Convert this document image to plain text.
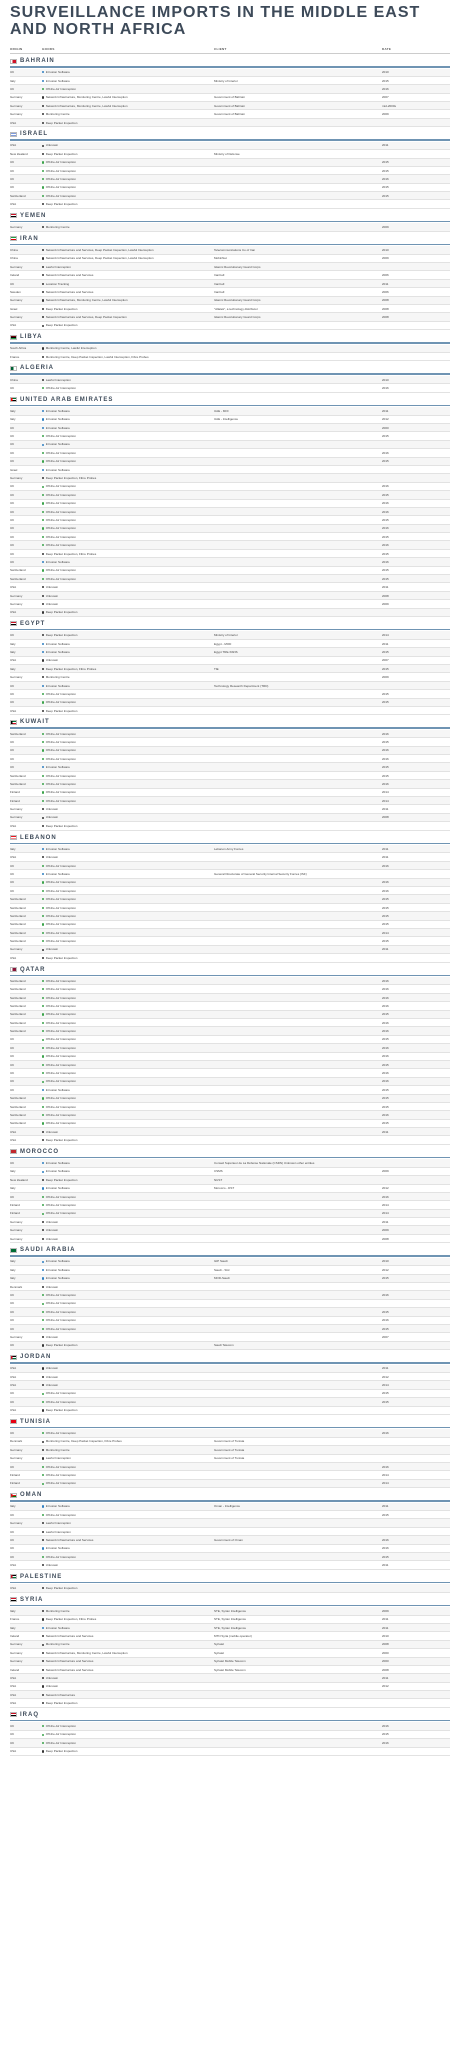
SURVEILLANCE IMPORTS IN THE MIDDLE EAST AND NORTH AFRICA
ORIGIN	GOODS	CLIENT	DATE
BAHRAIN
UK	Intrusion Software	2010
Italy	Intrusion Software	Ministry of Interior	2015
UK	Off-the-Air Interception	2016
Germany	Network Infrastructure, Monitoring Centre, Lawful Interception	Government of Bahrain	2007
Germany	Network Infrastructure, Monitoring Centre, Lawful Interception	Government of Bahrain	mid-2000s
Germany	Monitoring Centre	Government of Bahrain	2009
USA	Deep Packet Inspection
ISRAEL
USA	Unknown	2011
New Zealand	Deep Packet Inspection	Ministry of Defense
UK	Off-the-Air Interception	2015
UK	Off-the-Air Interception	2015
UK	Off-the-Air Interception	2016
UK	Off-the-Air Interception	2015
Switzerland	Off-the-Air Interception	2015
USA	Deep Packet Inspection
YEMEN
Germany	Monitoring Centre	2009
IRAN
China	Network Infrastructure and Services, Deep Packet Inspection, Lawful Interception	Telecommunications Co of Iran	2010
China	Network Infrastructure and Services, Deep Packet Inspection, Lawful Interception	MobinNet	2009
Germany	Lawful Interception	Islamic Revolutionary Guard Corps
Ireland	Network Infrastructure and Services	IranCell	2006
UK	Location Tracking	IranCell	2011
Sweden	Network Infrastructure and Services	IranCell	2006
Germany	Network Infrastructure, Monitoring Centre, Lawful Interception	Islamic Revolutionary Guard Corps	2008
Israel	Deep Packet Inspection	"Allatek", a technology distributor	2008
Germany	Network Infrastructure and Services, Deep Packet Inspection	Islamic Revolutionary Guard Corps	2008
USA	Deep Packet Inspection
LIBYA
South Africa	Monitoring Centre, Lawful Interception
France	Monitoring Centre, Deep Packet Inspection, Lawful Interception, Fibre Probes
ALGERIA
China	Lawful Interception	2010
UK	Off-the-Air Interception	2016
UNITED ARAB EMIRATES
Italy	Intrusion Software	UAE - MOI	2011
Italy	Intrusion Software	UAE - Intelligence	2012
UK	Intrusion Software	2000
UK	Off-the-Air Interception	2015
UK	Intrusion Software
UK	Off-the-Air Interception	2016
UK	Off-the-Air Interception	2015
Israel	Intrusion Software
Germany	Deep Packet Inspection, Fibre Probes
UK	Off-the-Air Interception	2016
UK	Off-the-Air Interception	2015
UK	Off-the-Air Interception	2016
UK	Off-the-Air Interception	2016
UK	Off-the-Air Interception	2015
UK	Off-the-Air Interception	2016
UK	Off-the-Air Interception	2015
UK	Off-the-Air Interception	2016
UK	Deep Packet Inspection, Fibre Probes	2015
UK	Intrusion Software	2016
Switzerland	Off-the-Air Interception	2015
Switzerland	Off-the-Air Interception	2015
USA	Unknown	2011
Germany	Unknown	2008
Germany	Unknown	2009
USA	Deep Packet Inspection
EGYPT
UK	Deep Packet Inspection	Ministry of Interior	2014
Italy	Intrusion Software	Egypt - MOD	2011
Italy	Intrusion Software	Egypt TRE-SSNS	2015
USA	Unknown	2007
Italy	Deep Packet Inspection, Fibre Probes	TIE	2015
Germany	Monitoring Centre	2009
UK	Intrusion Software	Technology Research Department (TRD)
UK	Off-the-Air Interception	2015
UK	Off-the-Air Interception	2015
USA	Deep Packet Inspection
KUWAIT
Switzerland	Off-the-Air Interception	2016
UK	Off-the-Air Interception	2015
UK	Off-the-Air Interception	2016
UK	Off-the-Air Interception	2016
UK	Intrusion Software	2015
Switzerland	Off-the-Air Interception	2015
Switzerland	Off-the-Air Interception	2016
Finland	Off-the-Air Interception	2014
Finland	Off-the-Air Interception	2014
Germany	Unknown	2011
Germany	Unknown	2008
USA	Deep Packet Inspection
LEBANON
Italy	Intrusion Software	Lebanon Army Forces	2011
USA	Unknown	2011
UK	Off-the-Air Interception	2016
UK	Intrusion Software	General Directorate of General Security Internal Security Forces (ISF)
UK	Off-the-Air Interception	2016
UK	Off-the-Air Interception	2016
Switzerland	Off-the-Air Interception	2015
Switzerland	Off-the-Air Interception	2015
Switzerland	Off-the-Air Interception	2015
Switzerland	Off-the-Air Interception	2015
Switzerland	Off-the-Air Interception	2014
Switzerland	Off-the-Air Interception	2015
Germany	Unknown	2011
USA	Deep Packet Inspection
QATAR
Switzerland	Off-the-Air Interception	2016
Switzerland	Off-the-Air Interception	2016
Switzerland	Off-the-Air Interception	2016
Switzerland	Off-the-Air Interception	2016
Switzerland	Off-the-Air Interception	2015
Switzerland	Off-the-Air Interception	2016
Switzerland	Off-the-Air Interception	2016
UK	Off-the-Air Interception	2015
UK	Off-the-Air Interception	2016
UK	Off-the-Air Interception	2016
UK	Off-the-Air Interception	2015
UK	Off-the-Air Interception	2016
UK	Off-the-Air Interception	2016
UK	Intrusion Software	2015
Switzerland	Off-the-Air Interception	2015
Switzerland	Off-the-Air Interception	2015
Switzerland	Off-the-Air Interception	2016
Switzerland	Off-the-Air Interception	2015
USA	Unknown	2011
USA	Deep Packet Inspection
MOROCCO
UK	Intrusion Software	Conseil Supérieur de La Défense Nationale (CSDN) Unknown other entities
Italy	Intrusion Software	CSMS	2009
New Zealand	Deep Packet Inspection	NUST
Italy	Intrusion Software	Morocco - DST	2012
UK	Off-the-Air Interception	2016
Finland	Off-the-Air Interception	2014
Finland	Off-the-Air Interception	2014
Germany	Unknown	2011
Germany	Unknown	2009
Germany	Unknown	2008
SAUDI ARABIA
Italy	Intrusion Software	GIP Saudi	2010
Italy	Intrusion Software	Saudi - SGI	2012
Italy	Intrusion Software	MOD-Saudi	2015
Denmark	Unknown
UK	Off-the-Air Interception	2016
UK	Off-the-Air Interception
UK	Off-the-Air Interception	2015
UK	Off-the-Air Interception	2016
UK	Off-the-Air Interception	2015
Germany	Unknown	2007
UK	Deep Packet Inspection	Saudi Telecom
JORDAN
USA	Unknown	2011
USA	Unknown	2012
USA	Unknown	2014
UK	Off-the-Air Interception	2015
UK	Off-the-Air Interception	2015
USA	Deep Packet Inspection
TUNISIA
UK	Off-the-Air Interception	2016
Denmark	Monitoring Centre, Deep Packet Inspection, Fibre Probes	Government of Tunisia
Germany	Monitoring Centre	Government of Tunisia
Germany	Lawful Interception	Government of Tunisia
UK	Off-the-Air Interception	2016
Finland	Off-the-Air Interception	2014
Finland	Off-the-Air Interception	2014
OMAN
Italy	Intrusion Software	Oman - Intelligence	2011
UK	Off-the-Air Interception	2015
Germany	Lawful Interception
UK	Lawful Interception
UK	Network Infrastructure and Services	Government of Oman	2016
UK	Intrusion Software	2016
UK	Off-the-Air Interception	2015
USA	Unknown	2011
PALESTINE
USA	Deep Packet Inspection
SYRIA
Italy	Monitoring Centre	STE, Syrian Intelligence	2009
France	Deep Packet Inspection, Fibre Probes	STE, Syrian Intelligence	2011
Italy	Intrusion Software	STE, Syrian Intelligence	2011
Ireland	Network Infrastructure and Services	MTN Syria (mobile operator)	2010
Germany	Monitoring Centre	Syriatel	2008
Germany	Network Infrastructure, Monitoring Centre, Lawful Interception	Syriatel	2000
Germany	Network Infrastructure and Services	Syriatel Mobile Telecom	2000
Ireland	Network Infrastructure and Services	Syriatel Mobile Telecom	2008
USA	Unknown	2011
USA	Unknown	2012
USA	Network Infrastructure
USA	Deep Packet Inspection
IRAQ
UK	Off-the-Air Interception	2016
UK	Off-the-Air Interception	2015
UK	Off-the-Air Interception	2016
USA	Deep Packet Inspection
